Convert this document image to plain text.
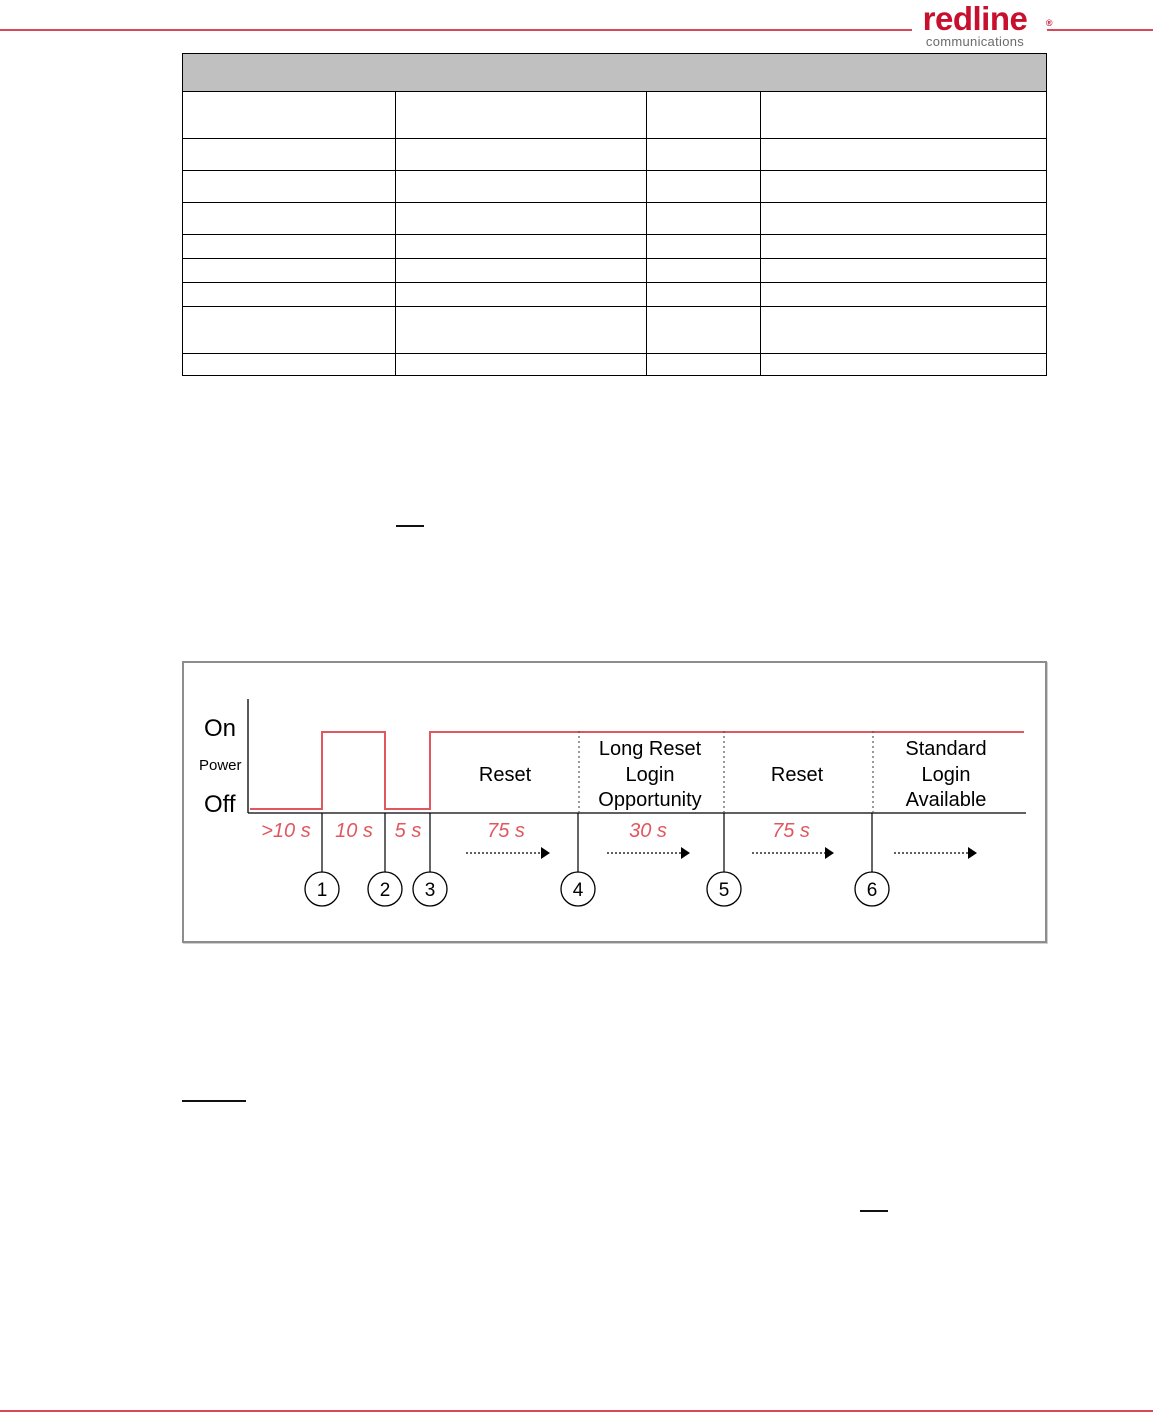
redline ®
communications

On
Power
Off
Reset
Long Reset
Login
Opportunity
Reset
Standard
Login
Available
>10 s 10 s 5 s	75 s	30 s	75 s
1	2 3	4	5	6
